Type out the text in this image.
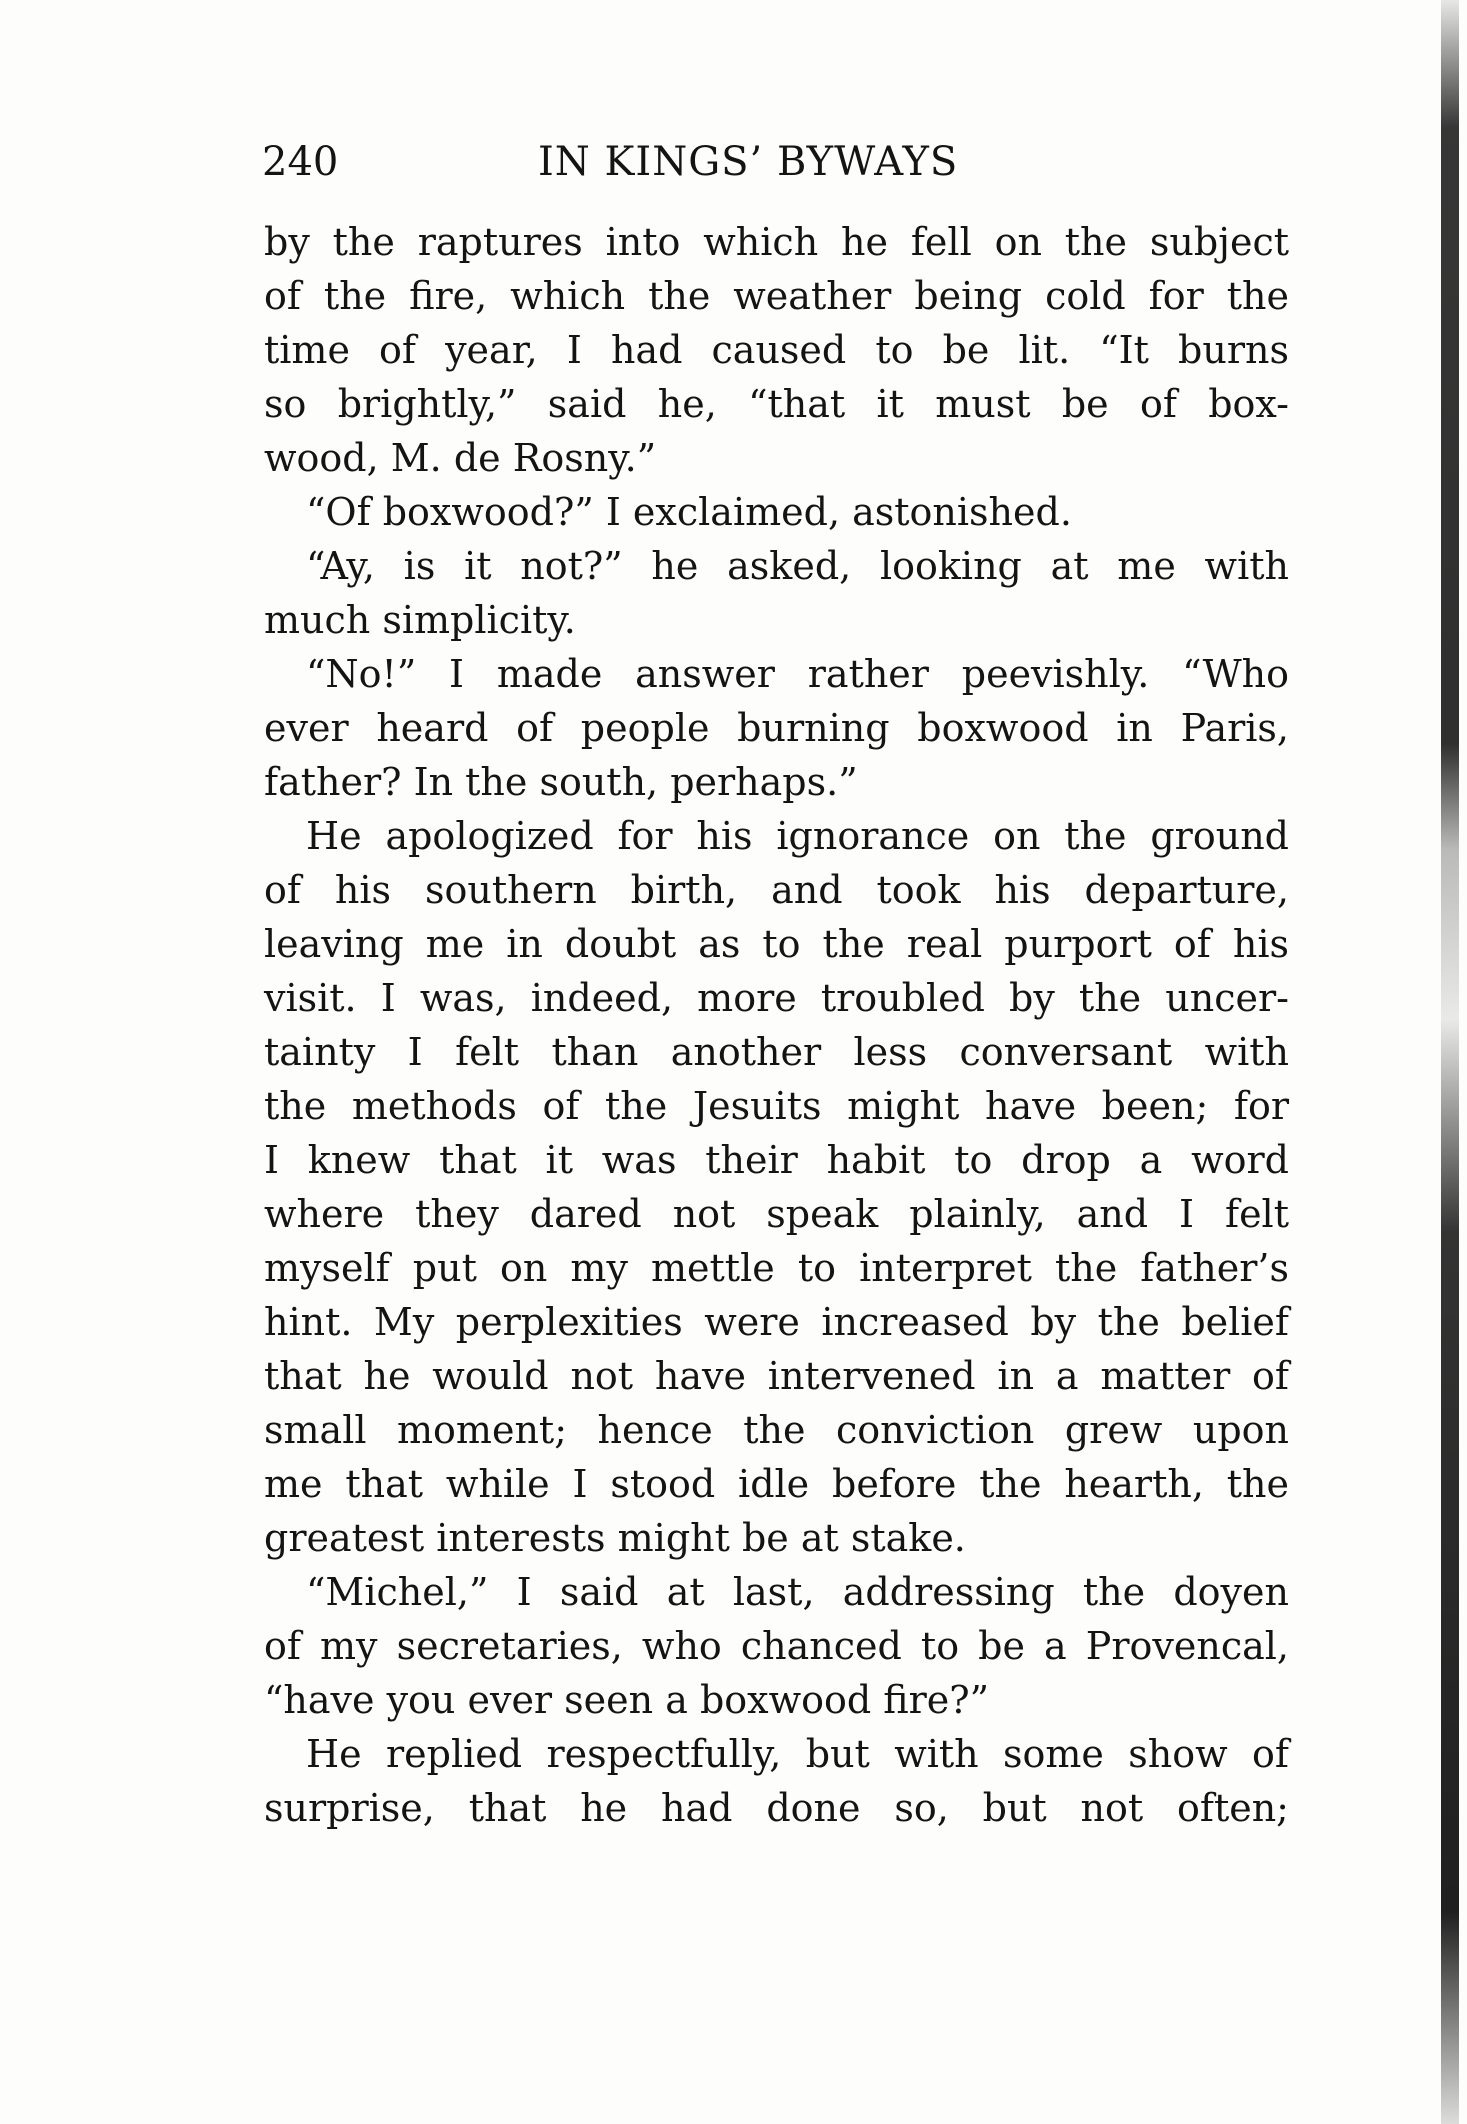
240	IN KINGS’ BYWAYS
by the raptures into which he fell on the subject
of the fire, which the weather being cold for the
time of year, I had caused to be lit. “It burns
so brightly,” said he, “that it must be of box-
wood, M. de Rosny.”
“Of boxwood?” I exclaimed, astonished.
“Ay, is it not?” he asked, looking at me with
much simplicity.
“No!” I made answer rather peevishly. “Who
ever heard of people burning boxwood in Paris,
father? In the south, perhaps.”
He apologized for his ignorance on the ground
of his southern birth, and took his departure,
leaving me in doubt as to the real purport of his
visit. I was, indeed, more troubled by the uncer-
tainty I felt than another less conversant with
the methods of the Jesuits might have been; for
I knew that it was their habit to drop a word
where they dared not speak plainly, and I felt
myself put on my mettle to interpret the father’s
hint. My perplexities were increased by the belief
that he would not have intervened in a matter of
small moment; hence the conviction grew upon
me that while I stood idle before the hearth, the
greatest interests might be at stake.
“Michel,” I said at last, addressing the doyen
of my secretaries, who chanced to be a Provencal,
“have you ever seen a boxwood fire?”
He replied respectfully, but with some show of
surprise, that he had done so, but not often;
